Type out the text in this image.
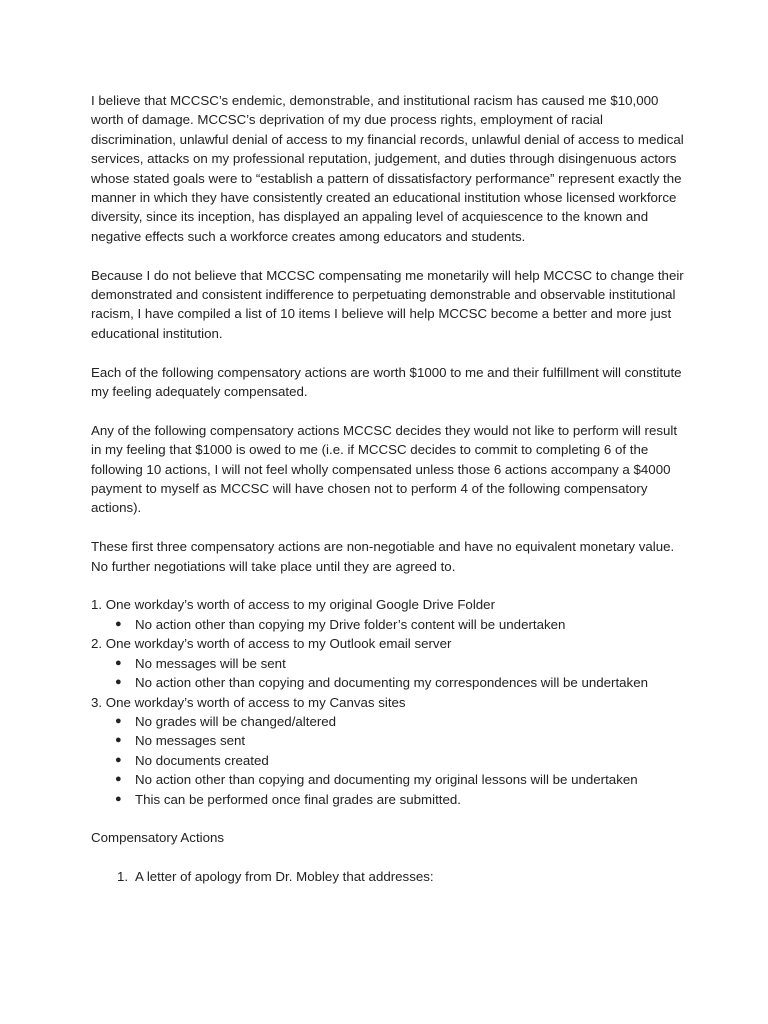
I believe that MCCSC’s endemic, demonstrable, and institutional racism has caused me $10,000 worth of damage. MCCSC’s deprivation of my due process rights, employment of racial discrimination, unlawful denial of access to my financial records, unlawful denial of access to medical services, attacks on my professional reputation, judgement, and duties through disingenuous actors whose stated goals were to “establish a pattern of dissatisfactory performance” represent exactly the manner in which they have consistently created an educational institution whose licensed workforce diversity, since its inception, has displayed an appaling level of acquiescence to the known and negative effects such a workforce creates among educators and students.

Because I do not believe that MCCSC compensating me monetarily will help MCCSC to change their demonstrated and consistent indifference to perpetuating demonstrable and observable institutional racism, I have compiled a list of 10 items I believe will help MCCSC become a better and more just educational institution.

Each of the following compensatory actions are worth $1000 to me and their fulfillment will constitute my feeling adequately compensated.

Any of the following compensatory actions MCCSC decides they would not like to perform will result in my feeling that $1000 is owed to me (i.e. if MCCSC decides to commit to completing 6 of the following 10 actions, I will not feel wholly compensated unless those 6 actions accompany a $4000 payment to myself as MCCSC will have chosen not to perform 4 of the following compensatory actions).

These first three compensatory actions are non-negotiable and have no equivalent monetary value. No further negotiations will take place until they are agreed to.

1. One workday’s worth of access to my original Google Drive Folder
● No action other than copying my Drive folder’s content will be undertaken
2. One workday’s worth of access to my Outlook email server
● No messages will be sent
● No action other than copying and documenting my correspondences will be undertaken
3. One workday’s worth of access to my Canvas sites
● No grades will be changed/altered
● No messages sent
● No documents created
● No action other than copying and documenting my original lessons will be undertaken
● This can be performed once final grades are submitted.
Compensatory Actions
1. A letter of apology from Dr. Mobley that addresses:
